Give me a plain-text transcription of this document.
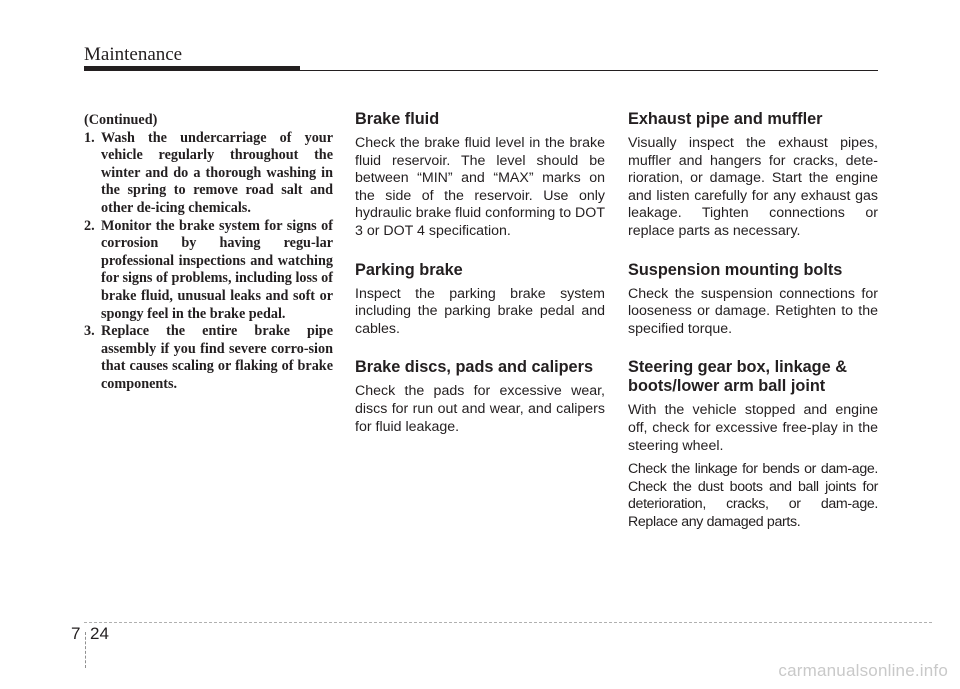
Maintenance
(Continued)
1. Wash the undercarriage of your vehicle regularly throughout the winter and do a thorough washing in the spring to remove road salt and other de-icing chemicals.
2. Monitor the brake system for signs of corrosion by having regu-lar professional inspections and watching for signs of problems, including loss of brake fluid, unusual leaks and soft or spongy feel in the brake pedal.
3. Replace the entire brake pipe assembly if you find severe corro-sion that causes scaling or flaking of brake components.
Brake fluid

Check the brake fluid level in the brake fluid reservoir. The level should be between “MIN” and “MAX” marks on the side of the reservoir. Use only hydraulic brake fluid conforming to DOT 3 or DOT 4 specification.

Parking brake

Inspect the parking brake system including the parking brake pedal and cables.

Brake discs, pads and calipers

Check the pads for excessive wear, discs for run out and wear, and calipers for fluid leakage.

Exhaust pipe and muffler

Visually inspect the exhaust pipes, muffler and hangers for cracks, dete-rioration, or damage. Start the engine and listen carefully for any exhaust gas leakage. Tighten connections or replace parts as necessary.

Suspension mounting bolts

Check the suspension connections for looseness or damage. Retighten to the specified torque.

Steering gear box, linkage & boots/lower arm ball joint

With the vehicle stopped and engine off, check for excessive free-play in the steering wheel.

Check the linkage for bends or dam-age. Check the dust boots and ball joints for deterioration, cracks, or dam-age. Replace any damaged parts.

7 24
carmanualsonline.info
